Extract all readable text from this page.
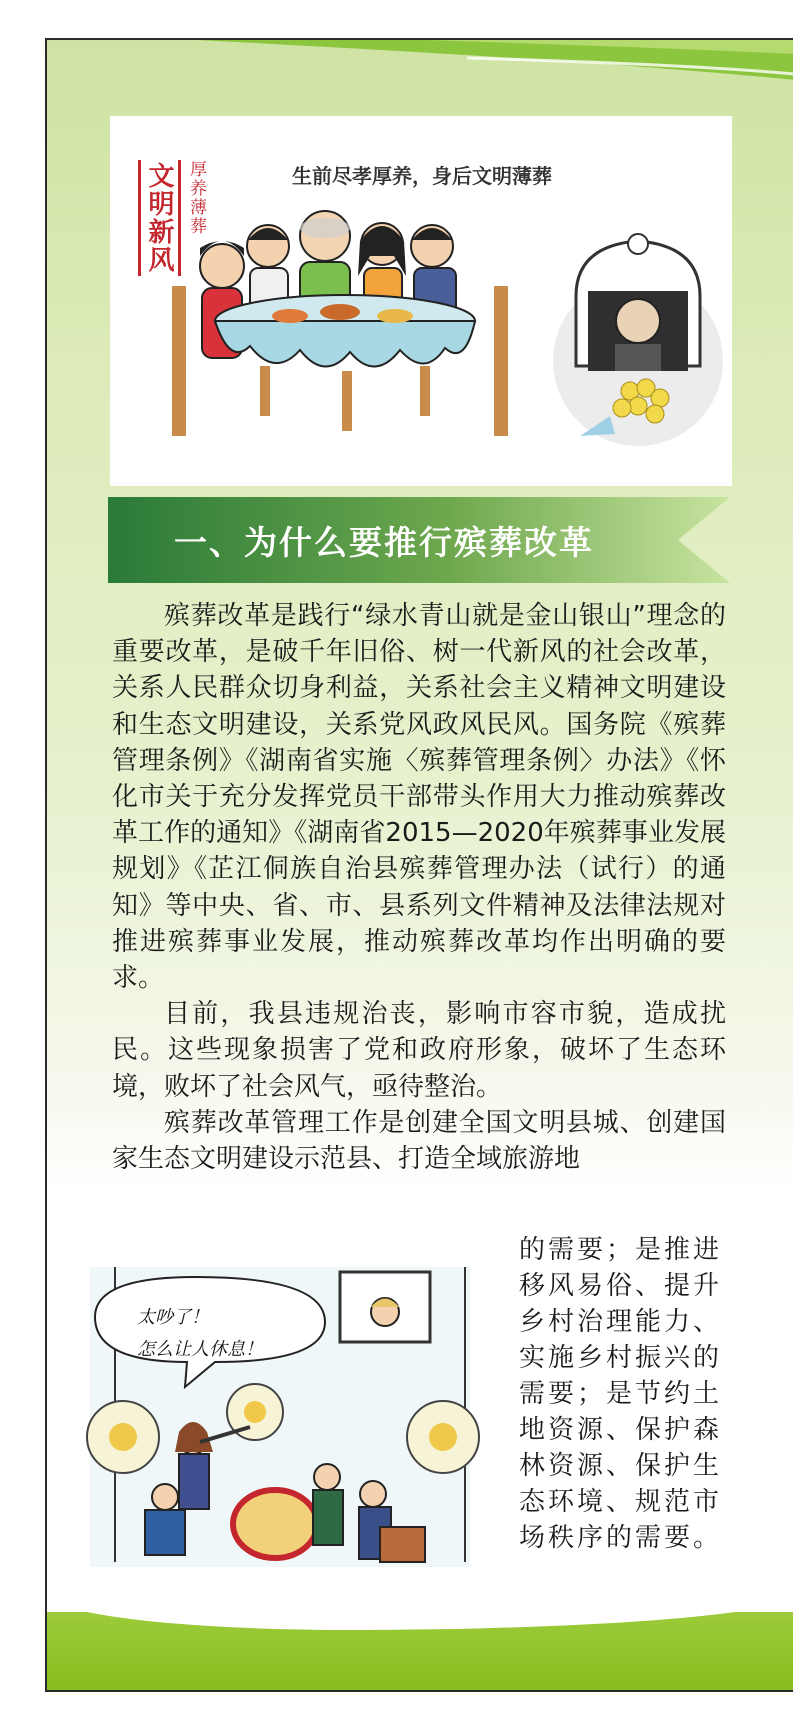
文明新风 厚养薄葬	生前尽孝厚养，身后文明薄葬
一、为什么要推行殡葬改革

殡葬改革是践行“绿水青山就是金山银山”理念的重要改革，是破千年旧俗、树一代新风的社会改革，关系人民群众切身利益，关系社会主义精神文明建设和生态文明建设，关系党风政风民风。国务院《殡葬管理条例》《湖南省实施〈殡葬管理条例〉办法》《怀化市关于充分发挥党员干部带头作用大力推动殡葬改革工作的通知》《湖南省2015—2020年殡葬事业发展规划》《芷江侗族自治县殡葬管理办法（试行）的通知》等中央、省、市、县系列文件精神及法律法规对推进殡葬事业发展，推动殡葬改革均作出明确的要求。

目前，我县违规治丧，影响市容市貌，造成扰民。这些现象损害了党和政府形象，破坏了生态环境，败坏了社会风气，亟待整治。

殡葬改革管理工作是创建全国文明县城、创建国家生态文明建设示范县、打造全域旅游地

的需要；是推进移风易俗、提升乡村治理能力、实施乡村振兴的需要；是节约土地资源、保护森林资源、保护生态环境、规范市场秩序的需要。
太吵了！
怎么让人休息！
